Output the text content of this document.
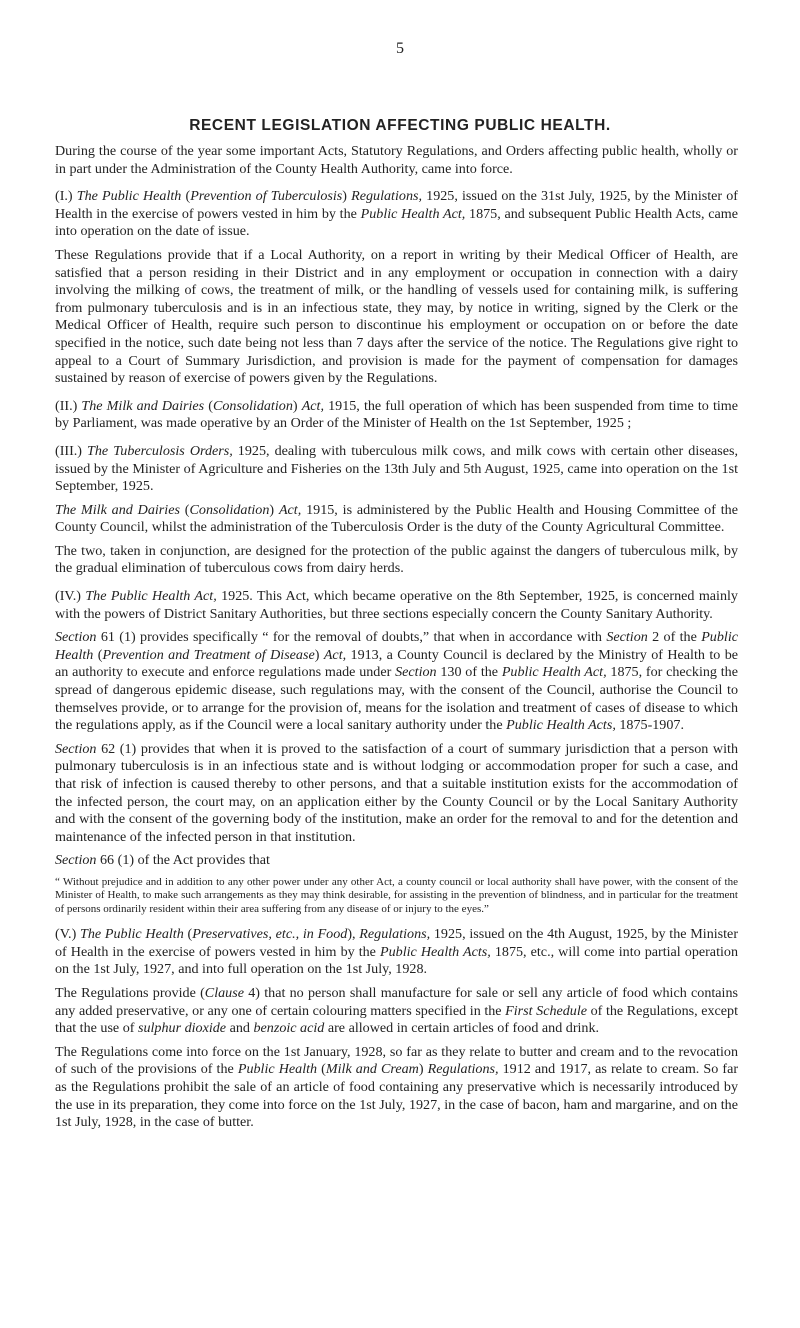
5
RECENT LEGISLATION AFFECTING PUBLIC HEALTH.

During the course of the year some important Acts, Statutory Regulations, and Orders affecting public health, wholly or in part under the Administration of the County Health Authority, came into force.

(I.) The Public Health (Prevention of Tuberculosis) Regulations, 1925, issued on the 31st July, 1925, by the Minister of Health in the exercise of powers vested in him by the Public Health Act, 1875, and subsequent Public Health Acts, came into operation on the date of issue.

These Regulations provide that if a Local Authority, on a report in writing by their Medical Officer of Health, are satisfied that a person residing in their District and in any employment or occupation in connection with a dairy involving the milking of cows, the treatment of milk, or the handling of vessels used for containing milk, is suffering from pulmonary tuberculosis and is in an infectious state, they may, by notice in writing, signed by the Clerk or the Medical Officer of Health, require such person to discontinue his employment or occupation on or before the date specified in the notice, such date being not less than 7 days after the service of the notice. The Regulations give right to appeal to a Court of Summary Jurisdiction, and provision is made for the payment of compensation for damages sustained by reason of exercise of powers given by the Regulations.

(II.) The Milk and Dairies (Consolidation) Act, 1915, the full operation of which has been suspended from time to time by Parliament, was made operative by an Order of the Minister of Health on the 1st September, 1925 ;

(III.) The Tuberculosis Orders, 1925, dealing with tuberculous milk cows, and milk cows with certain other diseases, issued by the Minister of Agriculture and Fisheries on the 13th July and 5th August, 1925, came into operation on the 1st September, 1925.

The Milk and Dairies (Consolidation) Act, 1915, is administered by the Public Health and Housing Committee of the County Council, whilst the administration of the Tuberculosis Order is the duty of the County Agricultural Committee.

The two, taken in conjunction, are designed for the protection of the public against the dangers of tuberculous milk, by the gradual elimination of tuberculous cows from dairy herds.

(IV.) The Public Health Act, 1925. This Act, which became operative on the 8th September, 1925, is concerned mainly with the powers of District Sanitary Authorities, but three sections especially concern the County Sanitary Authority.

Section 61 (1) provides specifically “ for the removal of doubts,” that when in accordance with Section 2 of the Public Health (Prevention and Treatment of Disease) Act, 1913, a County Council is declared by the Ministry of Health to be an authority to execute and enforce regulations made under Section 130 of the Public Health Act, 1875, for checking the spread of dangerous epidemic disease, such regulations may, with the consent of the Council, authorise the Council to themselves provide, or to arrange for the provision of, means for the isolation and treatment of cases of disease to which the regulations apply, as if the Council were a local sanitary authority under the Public Health Acts, 1875-1907.

Section 62 (1) provides that when it is proved to the satisfaction of a court of summary jurisdiction that a person with pulmonary tuberculosis is in an infectious state and is without lodging or accommodation proper for such a case, and that risk of infection is caused thereby to other persons, and that a suitable institution exists for the accommodation of the infected person, the court may, on an application either by the County Council or by the Local Sanitary Authority and with the consent of the governing body of the institution, make an order for the removal to and for the detention and maintenance of the infected person in that institution.

Section 66 (1) of the Act provides that

“ Without prejudice and in addition to any other power under any other Act, a county council or local authority shall have power, with the consent of the Minister of Health, to make such arrangements as they may think desirable, for assisting in the prevention of blindness, and in particular for the treatment of persons ordinarily resident within their area suffering from any disease of or injury to the eyes.”

(V.) The Public Health (Preservatives, etc., in Food), Regulations, 1925, issued on the 4th August, 1925, by the Minister of Health in the exercise of powers vested in him by the Public Health Acts, 1875, etc., will come into partial operation on the 1st July, 1927, and into full operation on the 1st July, 1928.

The Regulations provide (Clause 4) that no person shall manufacture for sale or sell any article of food which contains any added preservative, or any one of certain colouring matters specified in the First Schedule of the Regulations, except that the use of sulphur dioxide and benzoic acid are allowed in certain articles of food and drink.

The Regulations come into force on the 1st January, 1928, so far as they relate to butter and cream and to the revocation of such of the provisions of the Public Health (Milk and Cream) Regulations, 1912 and 1917, as relate to cream. So far as the Regulations prohibit the sale of an article of food containing any preservative which is necessarily introduced by the use in its preparation, they come into force on the 1st July, 1927, in the case of bacon, ham and margarine, and on the 1st July, 1928, in the case of butter.
